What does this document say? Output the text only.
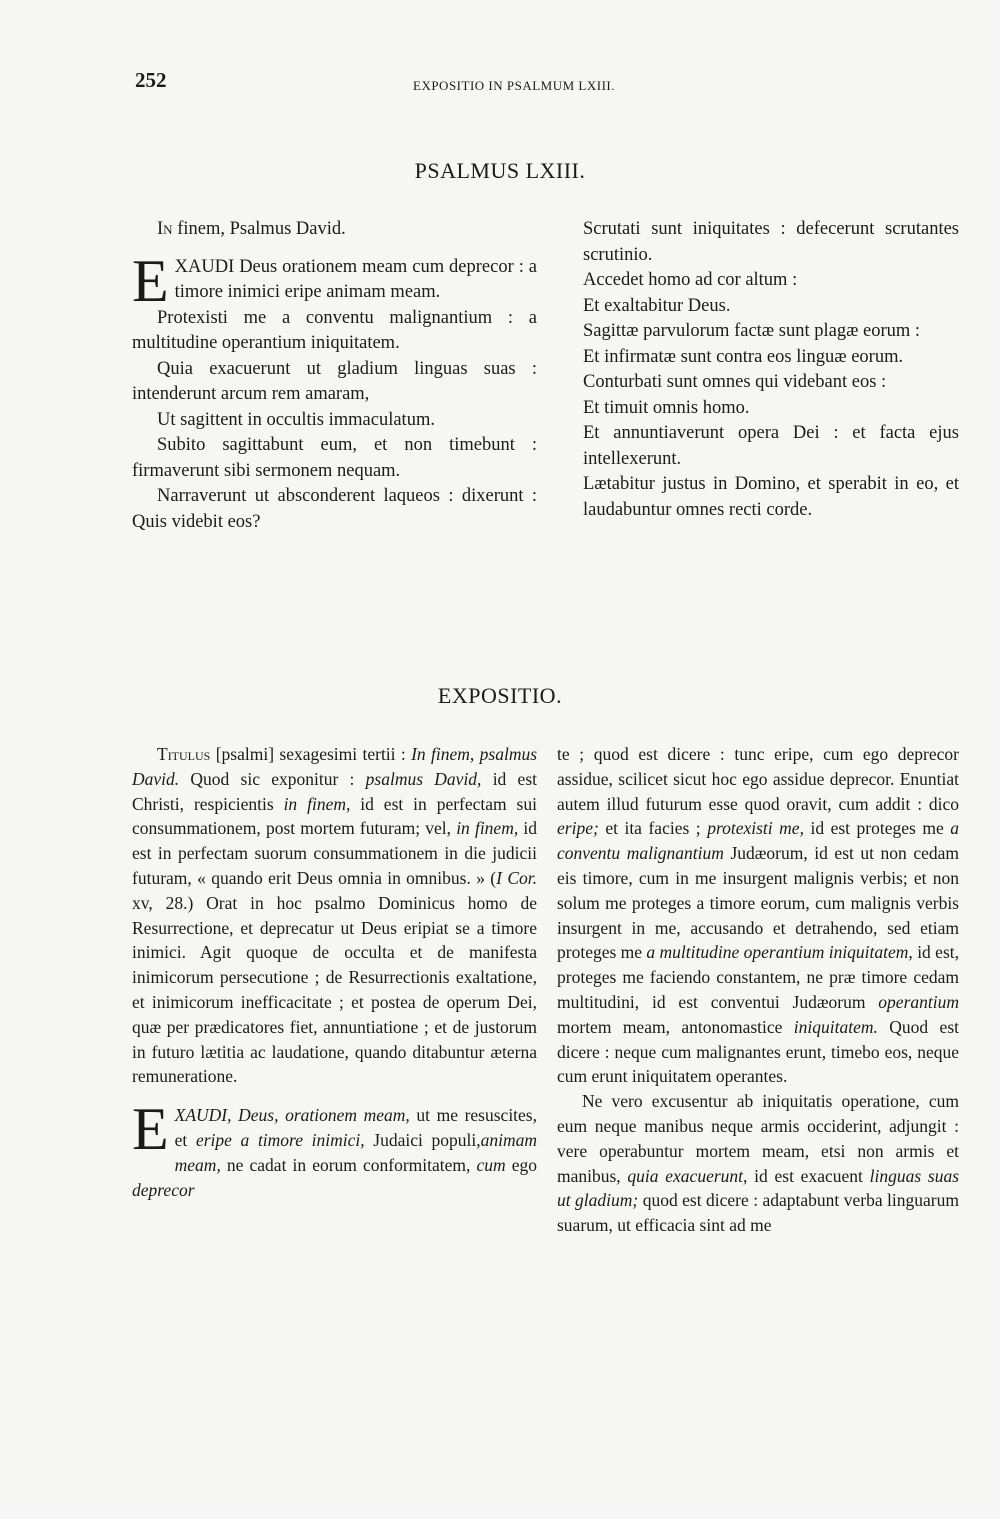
252	EXPOSITIO IN PSALMUM LXIII.
PSALMUS LXIII.

In finem, Psalmus David.

EXAUDI Deus orationem meam cum deprecor : a timore inimici eripe animam meam.

Protexisti me a conventu malignantium : a multitudine operantium iniquitatem.

Quia exacuerunt ut gladium linguas suas : intenderunt arcum rem amaram,

Ut sagittent in occultis immaculatum.

Subito sagittabunt eum, et non timebunt : firmaverunt sibi sermonem nequam.

Narraverunt ut absconderent laqueos : dixerunt : Quis videbit eos?

Scrutati sunt iniquitates : defecerunt scrutantes scrutinio.

Accedet homo ad cor altum :

Et exaltabitur Deus.

Sagittæ parvulorum factæ sunt plagæ eorum :

Et infirmatæ sunt contra eos linguæ eorum.

Conturbati sunt omnes qui videbant eos :

Et timuit omnis homo.

Et annuntiaverunt opera Dei : et facta ejus intellexerunt.

Lætabitur justus in Domino, et sperabit in eo, et laudabuntur omnes recti corde.

EXPOSITIO.

Titulus [psalmi] sexagesimi tertii : In finem, psalmus David. Quod sic exponitur : psalmus David, id est Christi, respicientis in finem, id est in perfectam sui consummationem, post mortem futuram; vel, in finem, id est in perfectam suorum consummationem in die judicii futuram, « quando erit Deus omnia in omnibus. » (I Cor. xv, 28.) Orat in hoc psalmo Dominicus homo de Resurrectione, et deprecatur ut Deus eripiat se a timore inimici. Agit quoque de occulta et de manifesta inimicorum persecutione ; de Resurrectionis exaltatione, et inimicorum inefficacitate ; et postea de operum Dei, quæ per prædicatores fiet, annuntiatione ; et de justorum in futuro lætitia ac laudatione, quando ditabuntur æterna remuneratione.

EXAUDI, Deus, orationem meam, ut me resuscites, et eripe a timore inimici, Judaici populi,animam meam, ne cadat in eorum conformitatem, cum ego deprecor

te ; quod est dicere : tunc eripe, cum ego deprecor assidue, scilicet sicut hoc ego assidue deprecor. Enuntiat autem illud futurum esse quod oravit, cum addit : dico eripe; et ita facies ; protexisti me, id est proteges me a conventu malignantium Judæorum, id est ut non cedam eis timore, cum in me insurgent malignis verbis; et non solum me proteges a timore eorum, cum malignis verbis insurgent in me, accusando et detrahendo, sed etiam proteges me a multitudine operantium iniquitatem, id est, proteges me faciendo constantem, ne præ timore cedam multitudini, id est conventui Judæorum operantium mortem meam, antonomastice iniquitatem. Quod est dicere : neque cum malignantes erunt, timebo eos, neque cum erunt iniquitatem operantes.

Ne vero excusentur ab iniquitatis operatione, cum eum neque manibus neque armis occiderint, adjungit : vere operabuntur mortem meam, etsi non armis et manibus, quia exacuerunt, id est exacuent linguas suas ut gladium; quod est dicere : adaptabunt verba linguarum suarum, ut efficacia sint ad me
